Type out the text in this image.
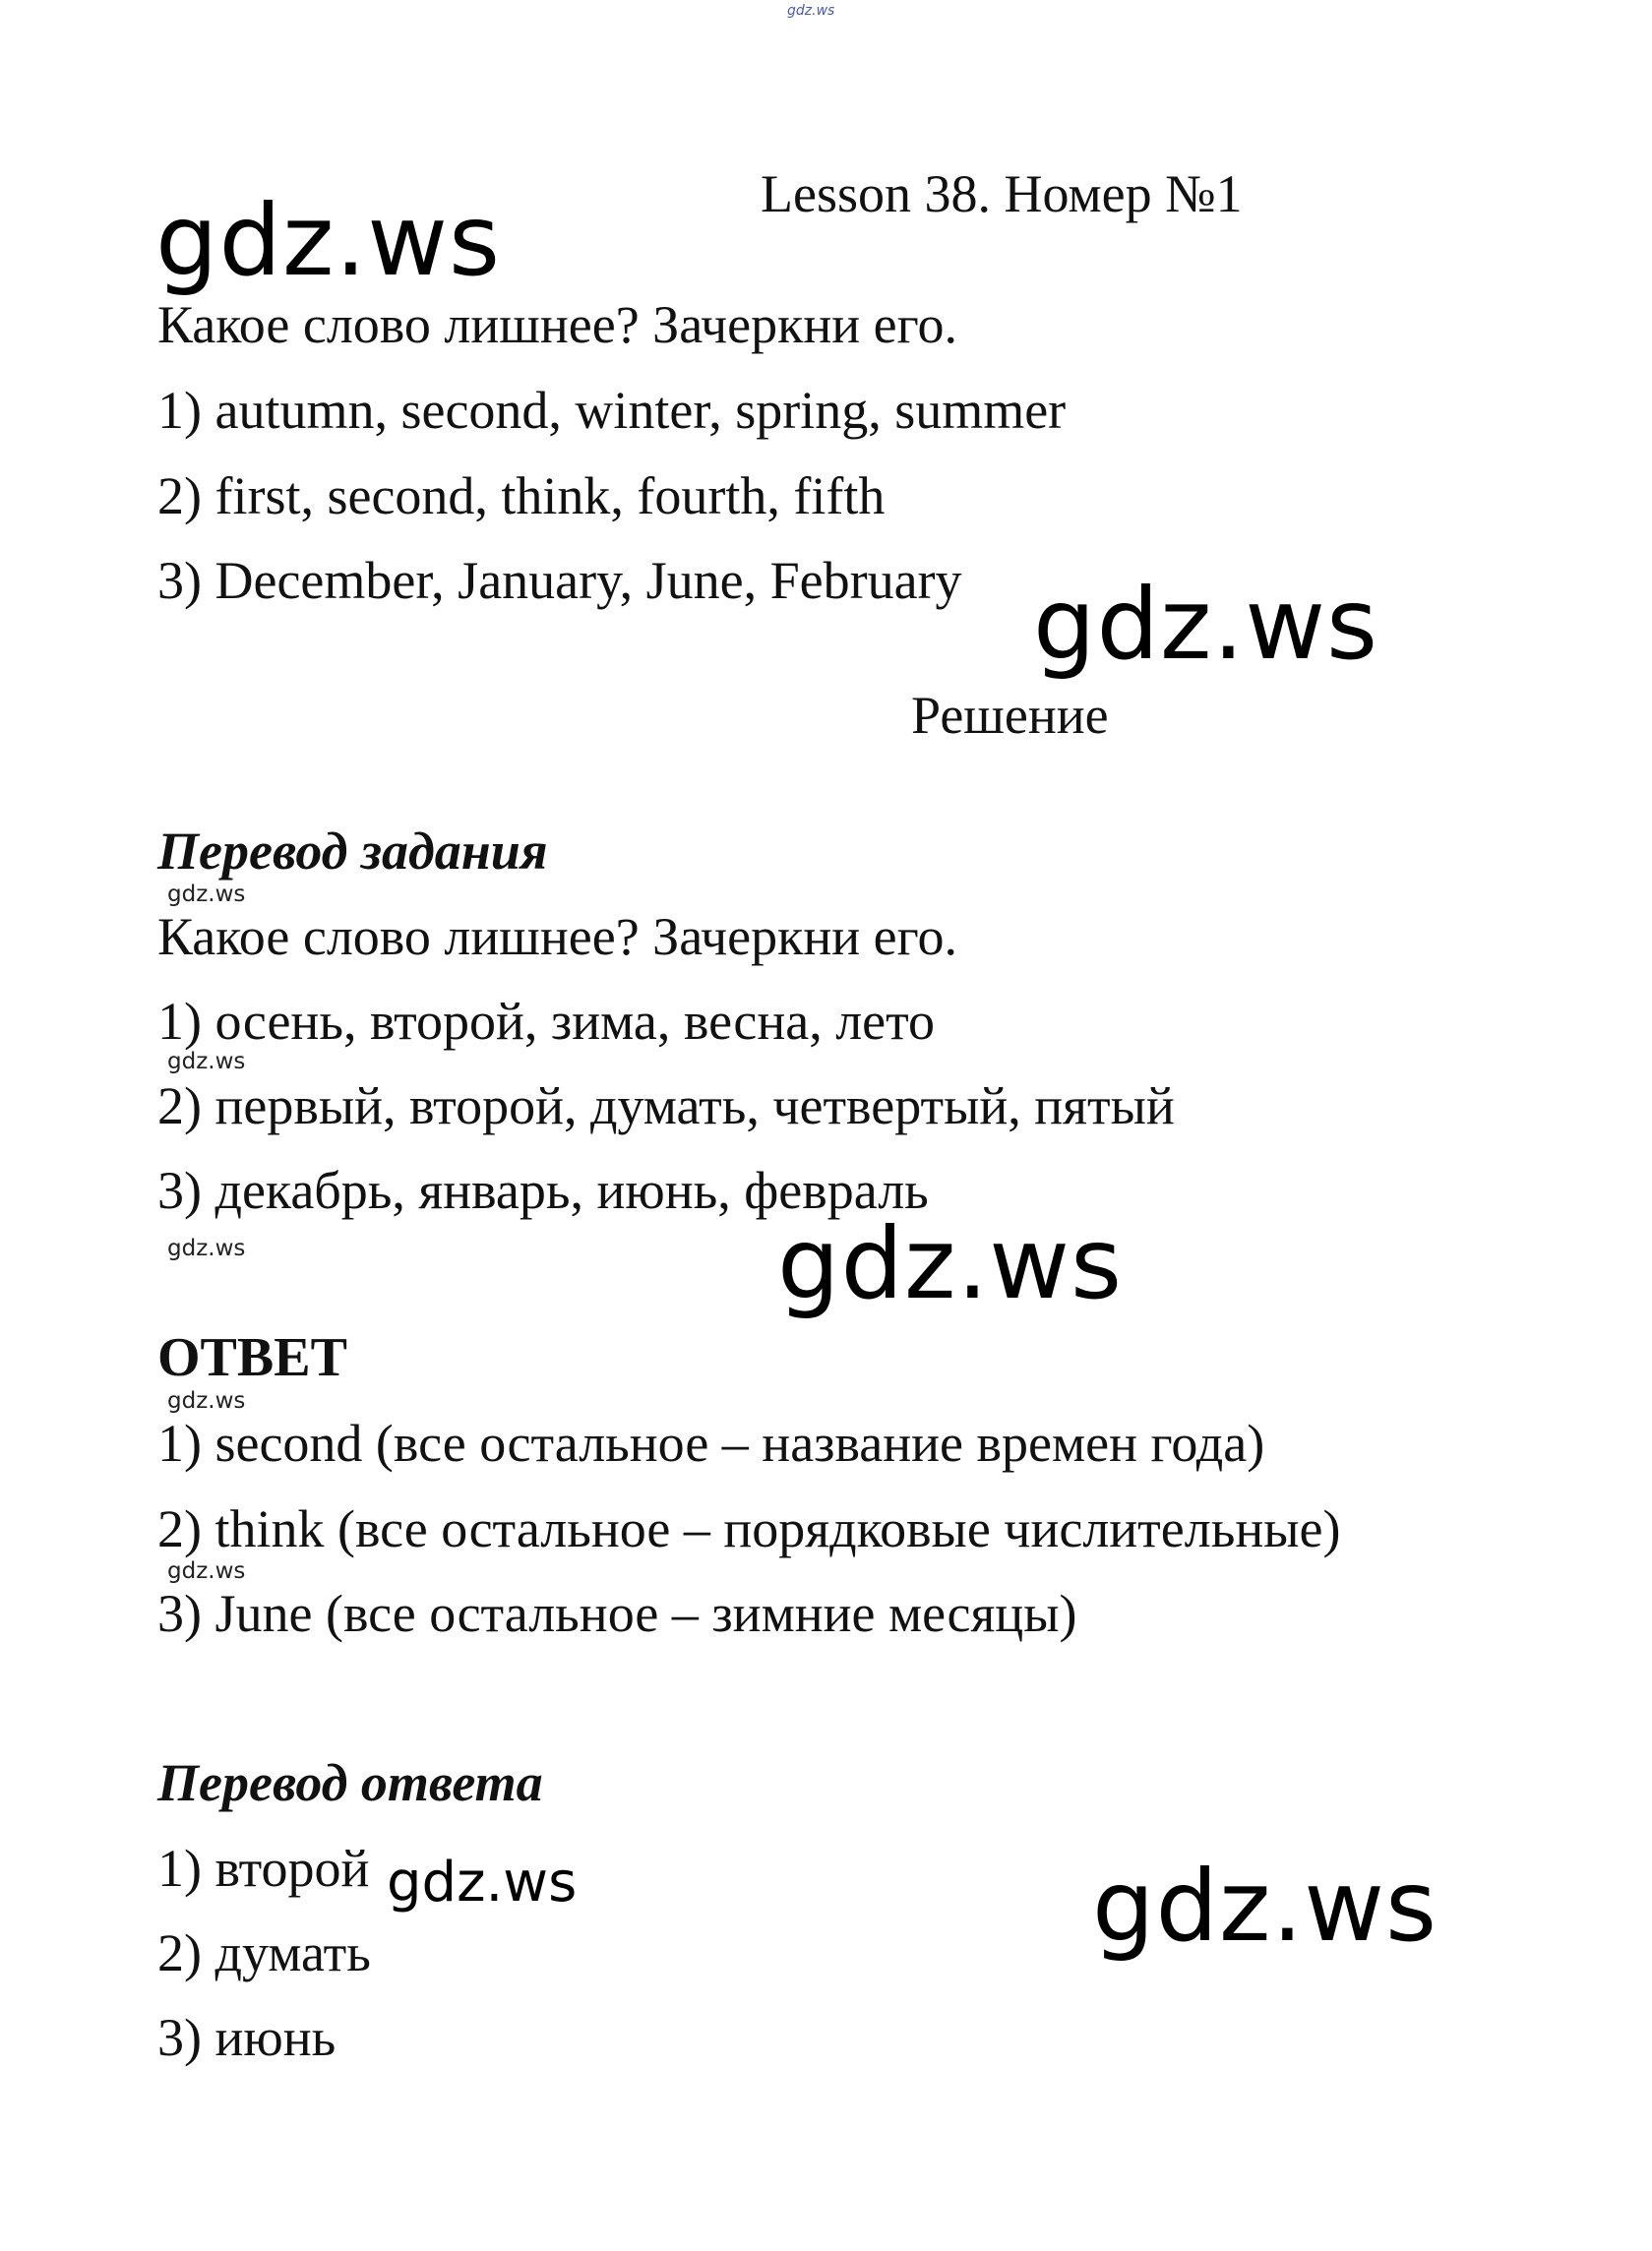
gdz.ws
Lesson 38. Номер №1
gdz.ws
Какое слово лишнее? Зачеркни его.
1) autumn, second, winter, spring, summer
2) first, second, think, fourth, fifth
3) December, January, June, February gdz.ws
Решение
Перевод задания
gdz.ws
Какое слово лишнее? Зачеркни его.
1) осень, второй, зима, весна, лето
gdz.ws
2) первый, второй, думать, четвертый, пятый
3) декабрь, январь, июнь, февраль
gdz.ws	gdz.ws
ОТВЕТ
gdz.ws
1) second (все остальное – название времен года)
2) think (все остальное – порядковые числительные)
gdz.ws
3) June (все остальное – зимние месяцы)
Перевод ответа
1) второй gdz.ws	gdz.ws
2) думать
3) июнь
